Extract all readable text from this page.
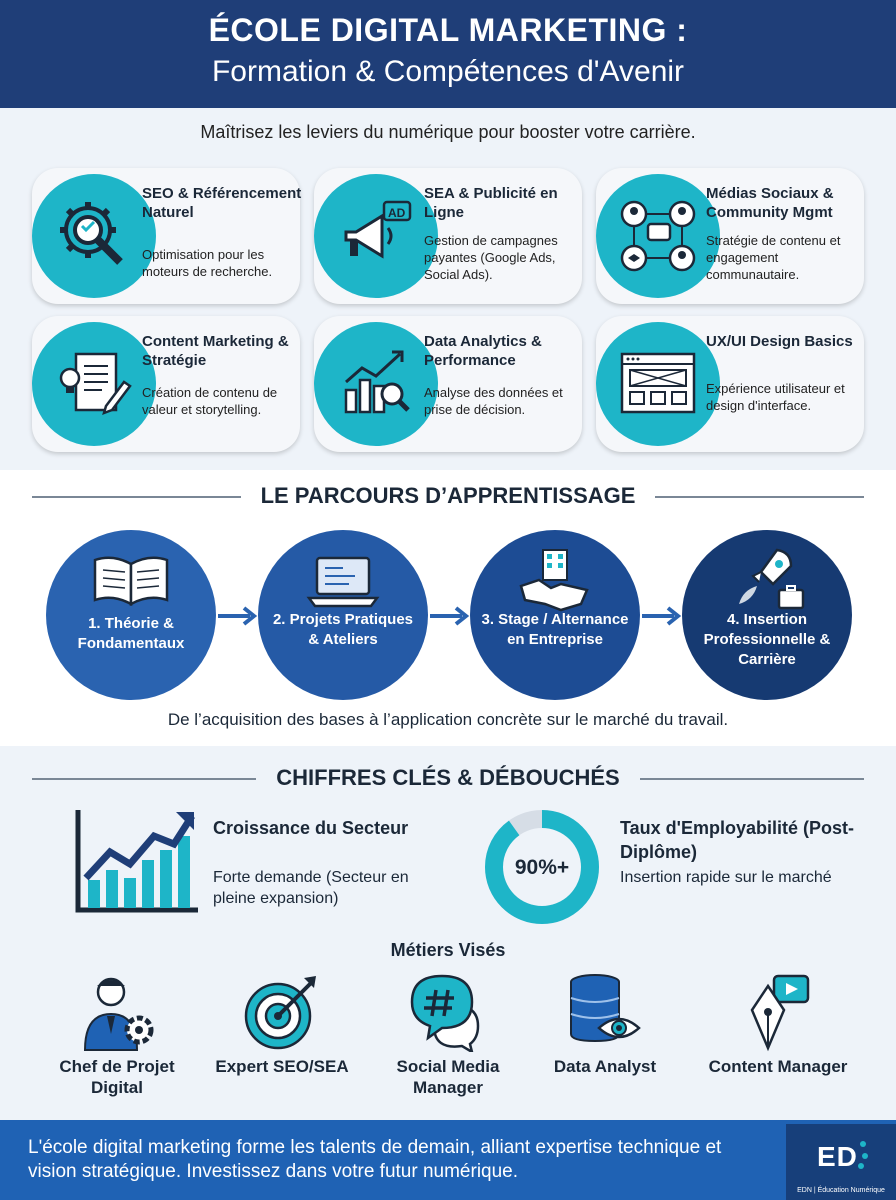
ÉCOLE DIGITAL MARKETING :
Formation & Compétences d'Avenir
Maîtrisez les leviers du numérique pour booster votre carrière.
SEO & Référencement Naturel
Optimisation pour les moteurs de recherche.
AD
SEA & Publicité en Ligne
Gestion de campagnes payantes (Google Ads, Social Ads).
Médias Sociaux & Community Mgmt
Stratégie de contenu et engagement communautaire.
Content Marketing & Stratégie
Création de contenu de valeur et storytelling.
Data Analytics & Performance
Analyse des données et prise de décision.
UX/UI Design Basics
Expérience utilisateur et design d'interface.
LE PARCOURS D’APPRENTISSAGE
1. Théorie & Fondamentaux
2. Projets Pratiques & Ateliers
3. Stage / Alternance en Entreprise
4. Insertion Professionnelle & Carrière
De l’acquisition des bases à l’application concrète sur le marché du travail.
CHIFFRES CLÉS & DÉBOUCHÉS
Croissance du Secteur
Forte demande (Secteur en pleine expansion)
90%+
Taux d'Employabilité (Post-Diplôme)
Insertion rapide sur le marché
Métiers Visés
Chef de Projet Digital
Expert SEO/SEA	Social Media Manager
Data Analyst	Content Manager
L'école digital marketing forme les talents de demain, alliant expertise technique et vision stratégique. Investissez dans votre futur numérique.	ED
EDN | Éducation Numérique
